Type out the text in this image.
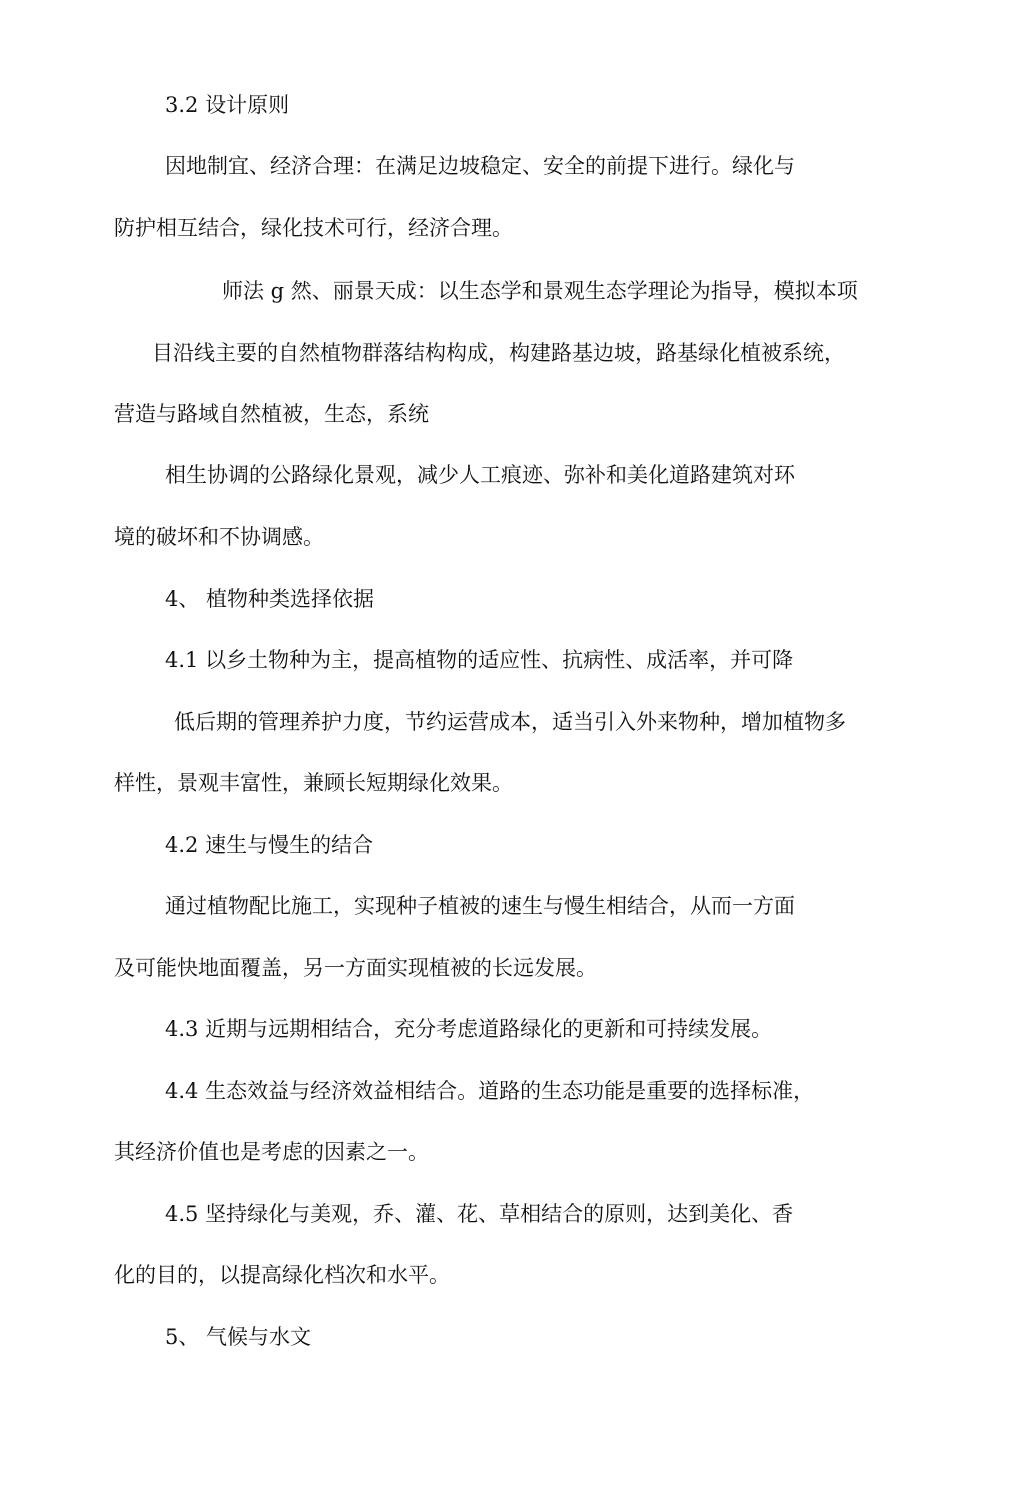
3.2 设计原则
因地制宜、经济合理：在满足边坡稳定、安全的前提下进行。绿化与
防护相互结合，绿化技术可行，经济合理。
师法 g 然、丽景天成：以生态学和景观生态学理论为指导，模拟本项
目沿线主要的自然植物群落结构构成，构建路基边坡，路基绿化植被系统，
营造与路域自然植被，生态，系统
相生协调的公路绿化景观，减少人工痕迹、弥补和美化道路建筑对环
境的破坏和不协调感。
4、 植物种类选择依据
4.1 以乡土物种为主，提高植物的适应性、抗病性、成活率，并可降
低后期的管理养护力度，节约运营成本，适当引入外来物种，增加植物多
样性，景观丰富性，兼顾长短期绿化效果。
4.2 速生与慢生的结合
通过植物配比施工，实现种子植被的速生与慢生相结合，从而一方面
及可能快地面覆盖，另一方面实现植被的长远发展。
4.3 近期与远期相结合，充分考虑道路绿化的更新和可持续发展。
4.4 生态效益与经济效益相结合。道路的生态功能是重要的选择标准，
其经济价值也是考虑的因素之一。
4.5 坚持绿化与美观，乔、灌、花、草相结合的原则，达到美化、香
化的目的，以提高绿化档次和水平。
5、 气候与水文
